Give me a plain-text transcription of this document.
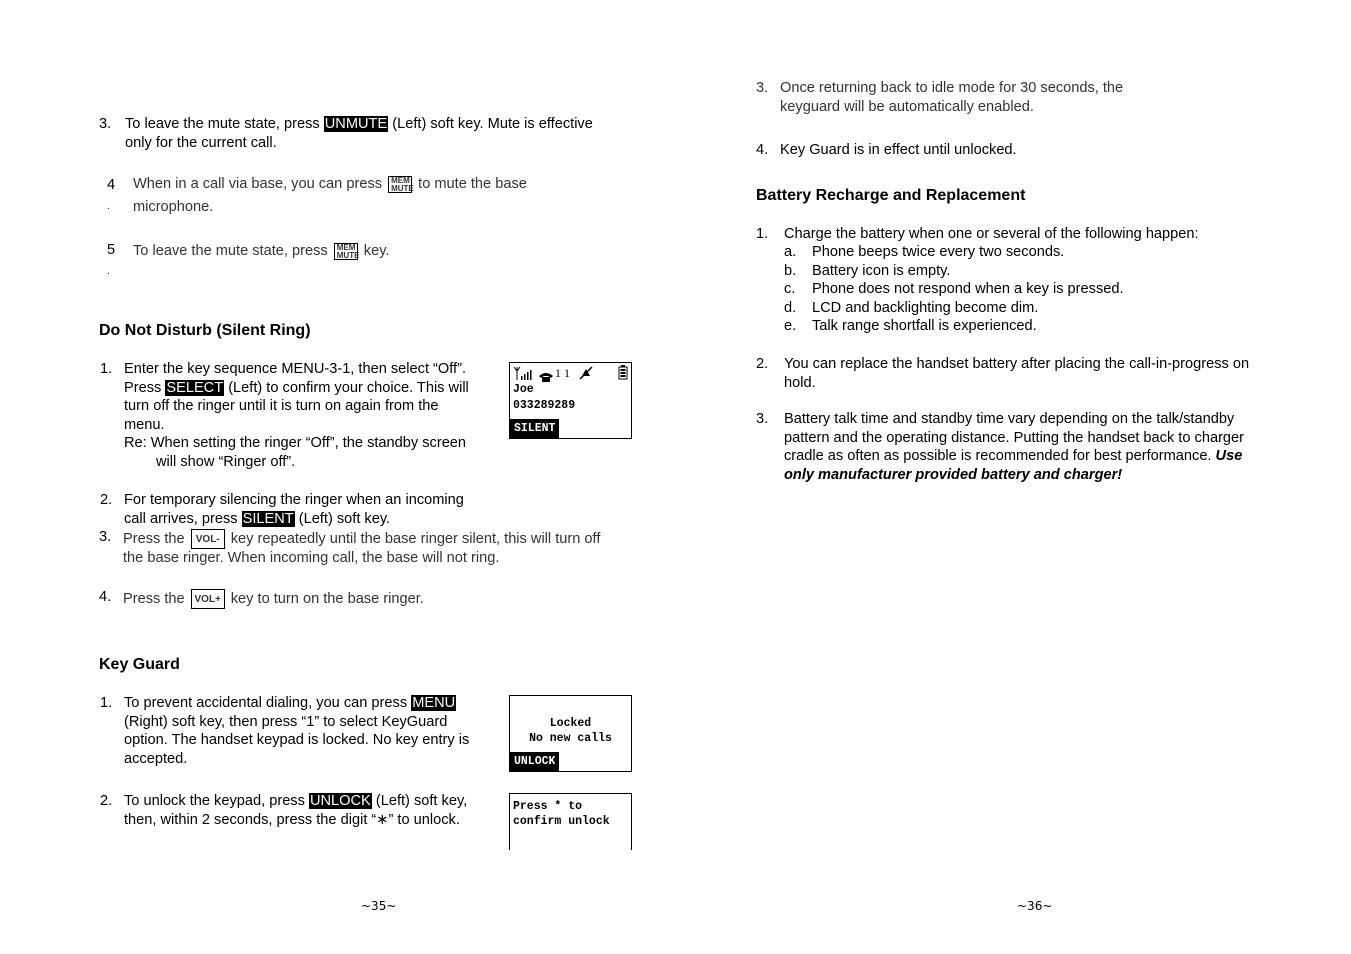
3. To leave the mute state, press UNMUTE (Left) soft key. Mute is effective
only for the current call.
4
.
When in a call via base, you can press MEM
MUTE to mute the base
microphone.
5
.
To leave the mute state, press MEM
MUTE key.
Do Not Disturb (Silent Ring)
1. Enter the key sequence MENU-3-1, then select “Off”.
Press SELECT (Left) to confirm your choice. This will
turn off the ringer until it is turn on again from the
menu.
Re: When setting the ringer “Off”, the standby screen
will show “Ringer off”.
1 1
Joe
033289289
SILENT
2. For temporary silencing the ringer when an incoming
call arrives, press SILENT (Left) soft key.
3. Press the VOL- key repeatedly until the base ringer silent, this will turn off
the base ringer. When incoming call, the base will not ring.
4. Press the VOL+ key to turn on the base ringer.
Key Guard
1. To prevent accidental dialing, you can press MENU
(Right) soft key, then press “1” to select KeyGuard
option. The handset keypad is locked. No key entry is
accepted.
Locked
No new calls
UNLOCK
2. To unlock the keypad, press UNLOCK (Left) soft key,
then, within 2 seconds, press the digit “∗” to unlock.
Press * to
confirm unlock
~35~
3. Once returning back to idle mode for 30 seconds, the
keyguard will be automatically enabled.
4. Key Guard is in effect until unlocked.
Battery Recharge and Replacement
1. Charge the battery when one or several of the following happen:
a. Phone beeps twice every two seconds.
b. Battery icon is empty.
c. Phone does not respond when a key is pressed.
d. LCD and backlighting become dim.
e. Talk range shortfall is experienced.
2. You can replace the handset battery after placing the call-in-progress on
hold.
3. Battery talk time and standby time vary depending on the talk/standby
pattern and the operating distance. Putting the handset back to charger
cradle as often as possible is recommended for best performance. Use
only manufacturer provided battery and charger!
~36~
